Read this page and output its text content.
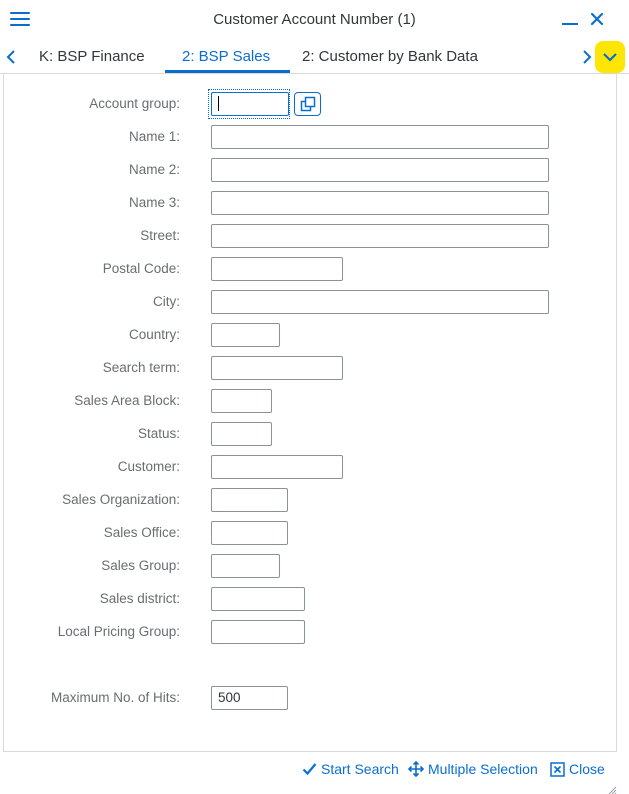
Customer Account Number (1)
K: BSP Finance 2: BSP Sales 2: Customer by Bank Data
Account group:
Name 1:
Name 2:
Name 3:
Street:
Postal Code:
City:
Country:
Search term:
Sales Area Block:
Status:
Customer:
Sales Organization:
Sales Office:
Sales Group:
Sales district:
Local Pricing Group:
Maximum No. of Hits:	500
Start Search Multiple Selection Close
